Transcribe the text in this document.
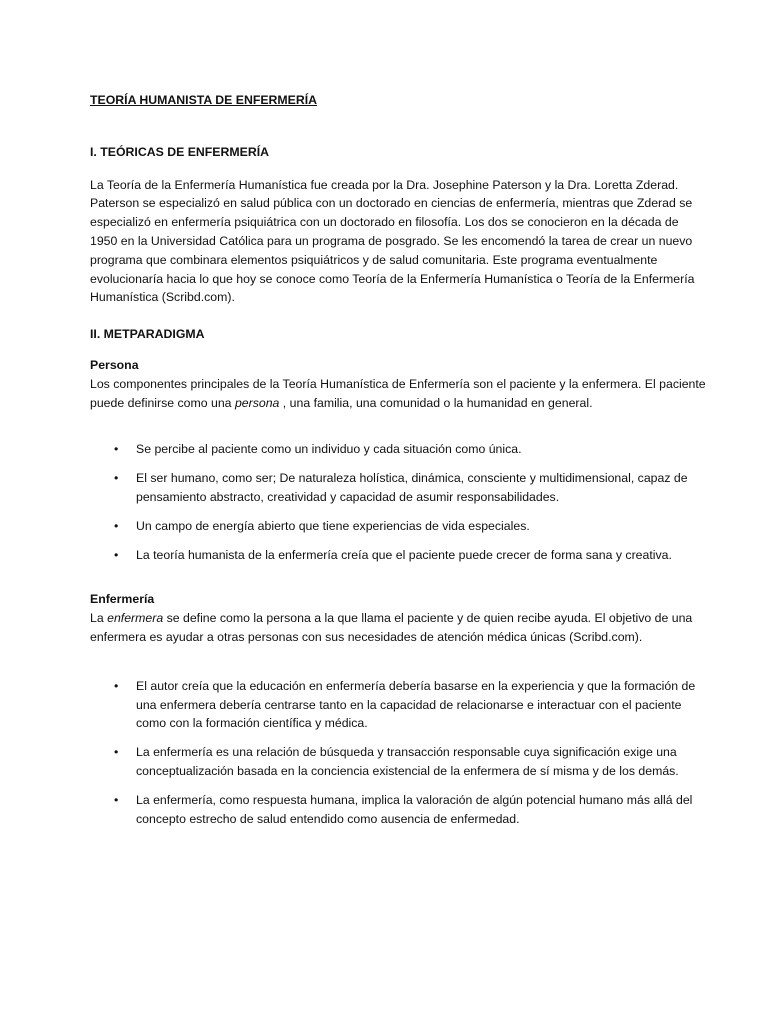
TEORÍA HUMANISTA DE ENFERMERÍA
I. TEÓRICAS DE ENFERMERÍA

La Teoría de la Enfermería Humanística fue creada por la Dra. Josephine Paterson y la Dra. Loretta Zderad. Paterson se especializó en salud pública con un doctorado en ciencias de enfermería, mientras que Zderad se especializó en enfermería psiquiátrica con un doctorado en filosofía. Los dos se conocieron en la década de 1950 en la Universidad Católica para un programa de posgrado. Se les encomendó la tarea de crear un nuevo programa que combinara elementos psiquiátricos y de salud comunitaria. Este programa eventualmente evolucionaría hacia lo que hoy se conoce como Teoría de la Enfermería Humanística o Teoría de la Enfermería Humanística (Scribd.com).

II. METPARADIGMA
Persona

Los componentes principales de la Teoría Humanística de Enfermería son el paciente y la enfermera. El paciente puede definirse como una persona , una familia, una comunidad o la humanidad en general.

• Se percibe al paciente como un individuo y cada situación como única.
• El ser humano, como ser; De naturaleza holística, dinámica, consciente y multidimensional, capaz de pensamiento abstracto, creatividad y capacidad de asumir responsabilidades.
• Un campo de energía abierto que tiene experiencias de vida especiales.
• La teoría humanista de la enfermería creía que el paciente puede crecer de forma sana y creativa.
Enfermería

La enfermera se define como la persona a la que llama el paciente y de quien recibe ayuda. El objetivo de una enfermera es ayudar a otras personas con sus necesidades de atención médica únicas (Scribd.com).

• El autor creía que la educación en enfermería debería basarse en la experiencia y que la formación de una enfermera debería centrarse tanto en la capacidad de relacionarse e interactuar con el paciente como con la formación científica y médica.
• La enfermería es una relación de búsqueda y transacción responsable cuya significación exige una conceptualización basada en la conciencia existencial de la enfermera de sí misma y de los demás.
• La enfermería, como respuesta humana, implica la valoración de algún potencial humano más allá del concepto estrecho de salud entendido como ausencia de enfermedad.
